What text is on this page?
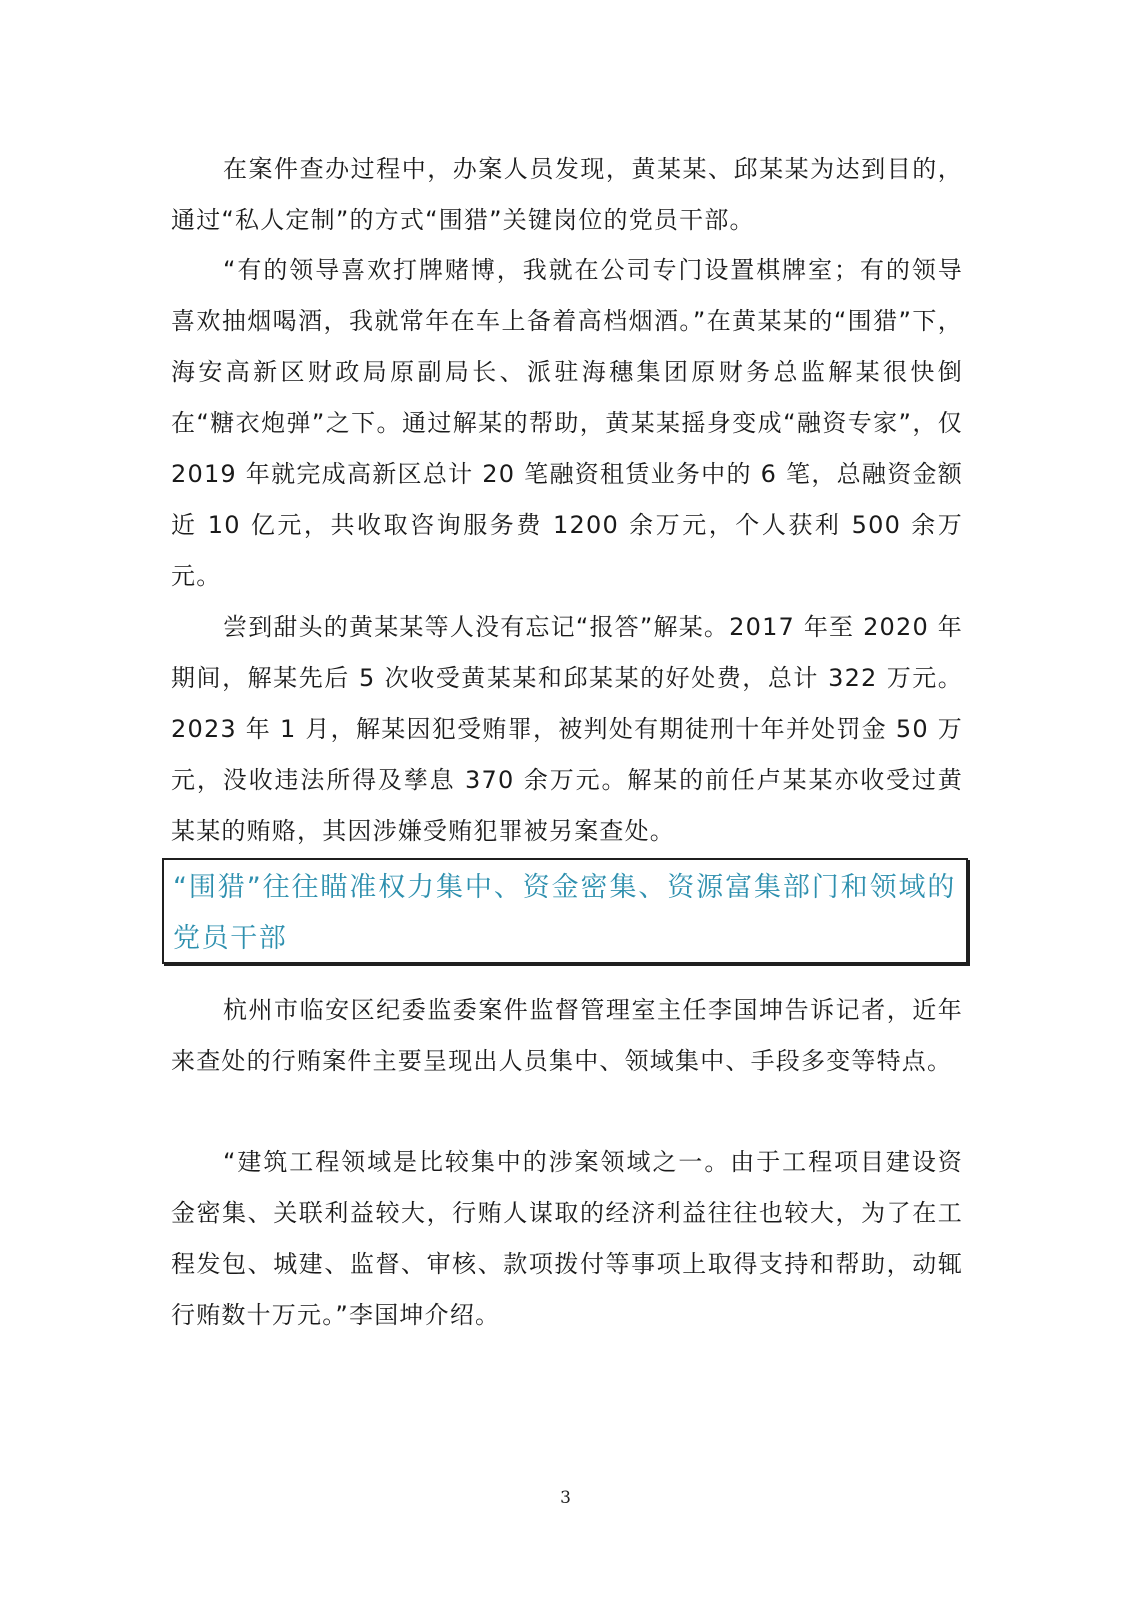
在案件查办过程中，办案人员发现，黄某某、邱某某为达到目的，通过“私人定制”的方式“围猎”关键岗位的党员干部。

“有的领导喜欢打牌赌博，我就在公司专门设置棋牌室；有的领导喜欢抽烟喝酒，我就常年在车上备着高档烟酒。”在黄某某的“围猎”下，海安高新区财政局原副局长、派驻海穗集团原财务总监解某很快倒在“糖衣炮弹”之下。通过解某的帮助，黄某某摇身变成“融资专家”，仅 2019 年就完成高新区总计 20 笔融资租赁业务中的 6 笔，总融资金额近 10 亿元，共收取咨询服务费 1200 余万元，个人获利 500 余万元。

尝到甜头的黄某某等人没有忘记“报答”解某。2017 年至 2020 年期间，解某先后 5 次收受黄某某和邱某某的好处费，总计 322 万元。2023 年 1 月，解某因犯受贿罪，被判处有期徒刑十年并处罚金 50 万元，没收违法所得及孳息 370 余万元。解某的前任卢某某亦收受过黄某某的贿赂，其因涉嫌受贿犯罪被另案查处。

“围猎”往往瞄准权力集中、资金密集、资源富集部门和领域的党员干部

杭州市临安区纪委监委案件监督管理室主任李国坤告诉记者，近年来查处的行贿案件主要呈现出人员集中、领域集中、手段多变等特点。

“建筑工程领域是比较集中的涉案领域之一。由于工程项目建设资金密集、关联利益较大，行贿人谋取的经济利益往往也较大，为了在工程发包、城建、监督、审核、款项拨付等事项上取得支持和帮助，动辄行贿数十万元。”李国坤介绍。

3
